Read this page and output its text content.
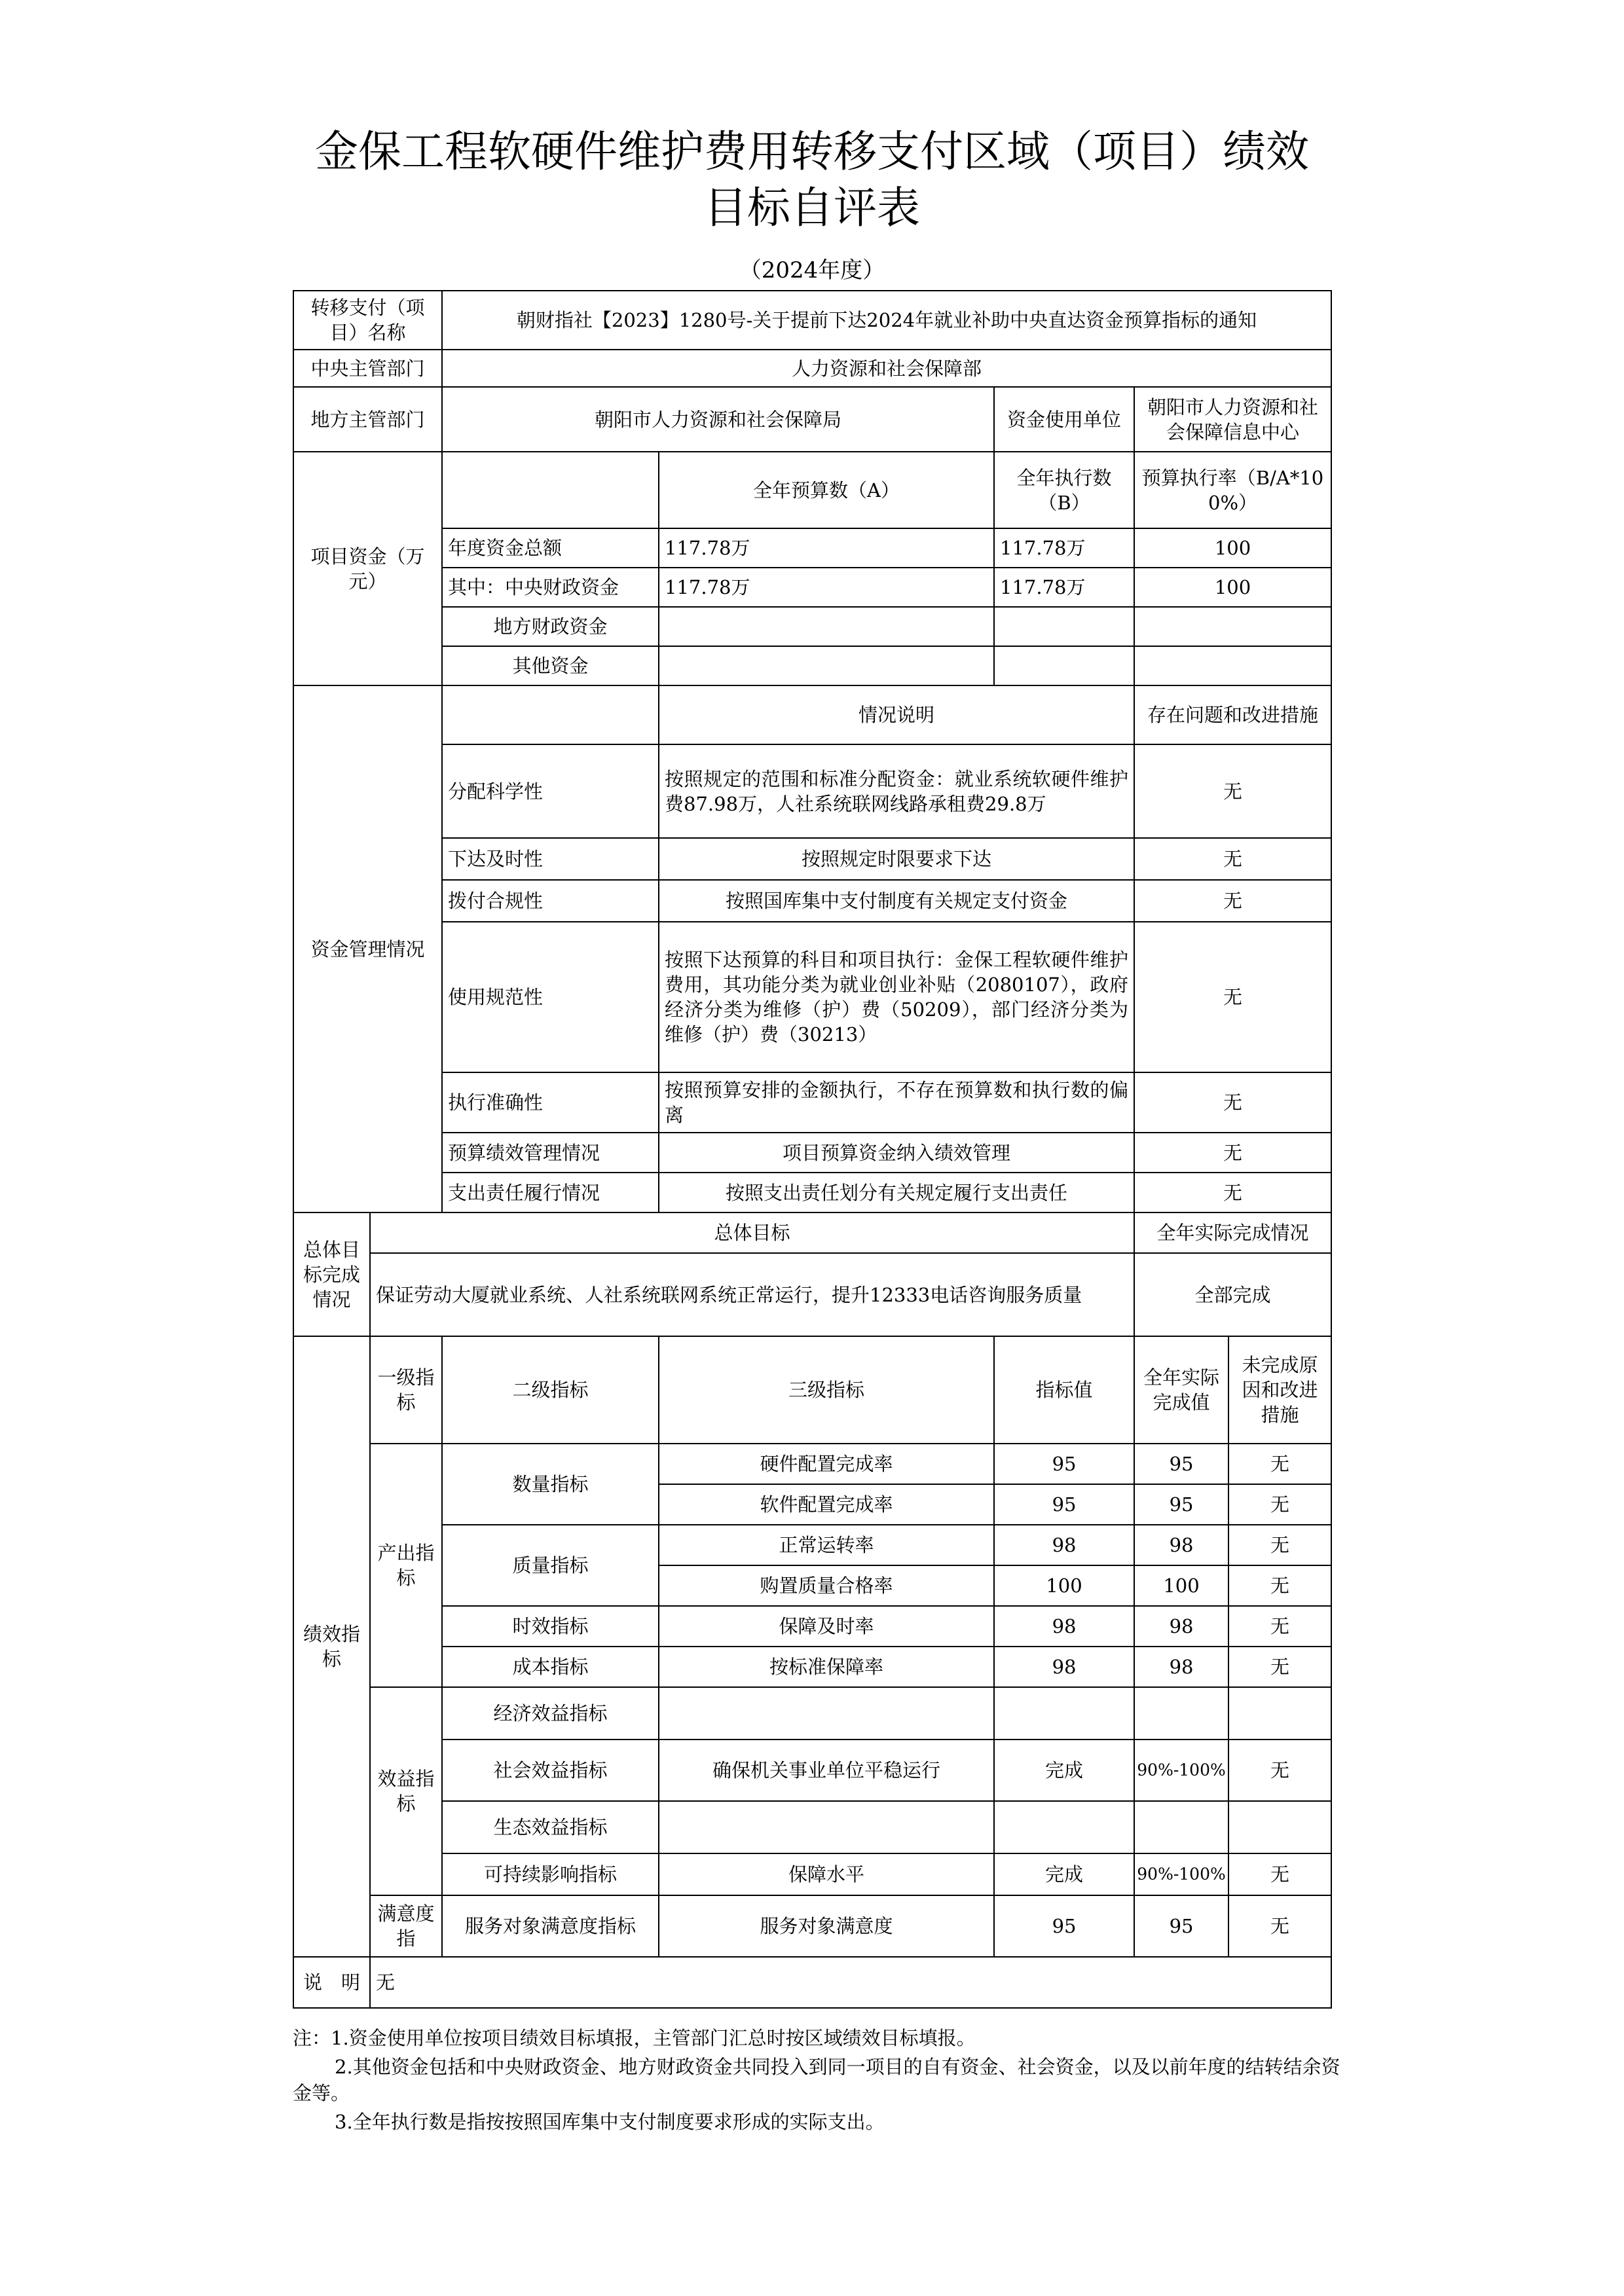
金保工程软硬件维护费用转移支付区域（项目）绩效
目标自评表
（2024年度）
转移支付（项目）名称		朝财指社【2023】1280号-关于提前下达2024年就业补助中央直达资金预算指标的通知				
中央主管部门		人力资源和社会保障部				
地方主管部门		朝阳市人力资源和社会保障局		资金使用单位	朝阳市人力资源和社会保障信息中心	
项目资金（万元）			全年预算数（A）	全年执行数（B）	预算执行率（B/A*100%）	
		年度资金总额	117.78万	117.78万	100	
		其中：中央财政资金	117.78万	117.78万	100	
		地方财政资金				
		其他资金				
资金管理情况			情况说明		存在问题和改进措施	
		分配科学性	按照规定的范围和标准分配资金：就业系统软硬件维护费87.98万，人社系统联网线路承租费29.8万		无	
		下达及时性	按照规定时限要求下达		无	
		拨付合规性	按照国库集中支付制度有关规定支付资金		无	
		使用规范性	按照下达预算的科目和项目执行：金保工程软硬件维护费用，其功能分类为就业创业补贴（2080107），政府经济分类为维修（护）费（50209），部门经济分类为维修（护）费（30213）		无	
		执行准确性	按照预算安排的金额执行，不存在预算数和执行数的偏离		无	
		预算绩效管理情况	项目预算资金纳入绩效管理		无	
		支出责任履行情况	按照支出责任划分有关规定履行支出责任		无	
总体目标完成情况	总体目标				全年实际完成情况	
	保证劳动大厦就业系统、人社系统联网系统正常运行，提升12333电话咨询服务质量				全部完成	
绩效指标	一级指标	二级指标	三级指标	指标值	全年实际完成值	未完成原因和改进措施
	产出指标	数量指标	硬件配置完成率	95	95	无
			软件配置完成率	95	95	无
		质量指标	正常运转率	98	98	无
			购置质量合格率	100	100	无
		时效指标	保障及时率	98	98	无
		成本指标	按标准保障率	98	98	无
	效益指标	经济效益指标				
		社会效益指标	确保机关事业单位平稳运行	完成	90%-100%	无
		生态效益指标				
		可持续影响指标	保障水平	完成	90%-100%	无
	满意度指	服务对象满意度指标	服务对象满意度	95	95	无
说　明	无					

注：1.资金使用单位按项目绩效目标填报，主管部门汇总时按区域绩效目标填报。

2.其他资金包括和中央财政资金、地方财政资金共同投入到同一项目的自有资金、社会资金，以及以前年度的结转结余资金等。

3.全年执行数是指按按照国库集中支付制度要求形成的实际支出。
